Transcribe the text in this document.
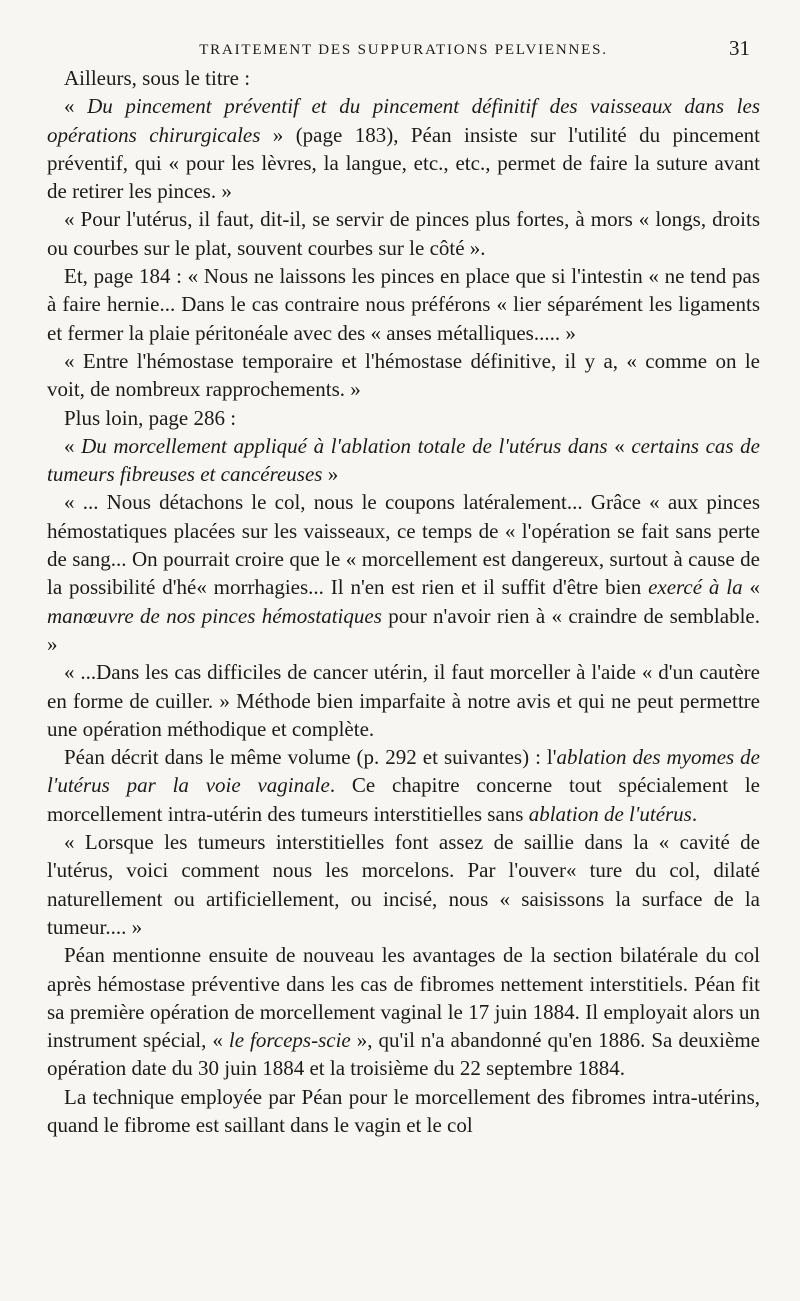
TRAITEMENT DES SUPPURATIONS PELVIENNES.	31

Ailleurs, sous le titre :

« Du pincement préventif et du pincement définitif des vaisseaux dans les opérations chirurgicales » (page 183), Péan insiste sur l'utilité du pincement préventif, qui « pour les lèvres, la langue, etc., etc., permet de faire la suture avant de retirer les pinces. »

« Pour l'utérus, il faut, dit-il, se servir de pinces plus fortes, à mors « longs, droits ou courbes sur le plat, souvent courbes sur le côté ».

Et, page 184 : « Nous ne laissons les pinces en place que si l'intestin « ne tend pas à faire hernie... Dans le cas contraire nous préférons « lier séparément les ligaments et fermer la plaie péritonéale avec des « anses métalliques..... »

« Entre l'hémostase temporaire et l'hémostase définitive, il y a, « comme on le voit, de nombreux rapprochements. »

Plus loin, page 286 :

« Du morcellement appliqué à l'ablation totale de l'utérus dans « certains cas de tumeurs fibreuses et cancéreuses »

« ... Nous détachons le col, nous le coupons latéralement... Grâce « aux pinces hémostatiques placées sur les vaisseaux, ce temps de « l'opération se fait sans perte de sang... On pourrait croire que le « morcellement est dangereux, surtout à cause de la possibilité d'hé« morrhagies... Il n'en est rien et il suffit d'être bien exercé à la « manœuvre de nos pinces hémostatiques pour n'avoir rien à « craindre de semblable. »

« ...Dans les cas difficiles de cancer utérin, il faut morceller à l'aide « d'un cautère en forme de cuiller. » Méthode bien imparfaite à notre avis et qui ne peut permettre une opération méthodique et complète.

Péan décrit dans le même volume (p. 292 et suivantes) : l'ablation des myomes de l'utérus par la voie vaginale. Ce chapitre concerne tout spécialement le morcellement intra-utérin des tumeurs interstitielles sans ablation de l'utérus.

« Lorsque les tumeurs interstitielles font assez de saillie dans la « cavité de l'utérus, voici comment nous les morcelons. Par l'ouver« ture du col, dilaté naturellement ou artificiellement, ou incisé, nous « saisissons la surface de la tumeur.... »

Péan mentionne ensuite de nouveau les avantages de la section bilatérale du col après hémostase préventive dans les cas de fibromes nettement interstitiels. Péan fit sa première opération de morcellement vaginal le 17 juin 1884. Il employait alors un instrument spécial, « le forceps-scie », qu'il n'a abandonné qu'en 1886. Sa deuxième opération date du 30 juin 1884 et la troisième du 22 septembre 1884.

La technique employée par Péan pour le morcellement des fibromes intra-utérins, quand le fibrome est saillant dans le vagin et le col
